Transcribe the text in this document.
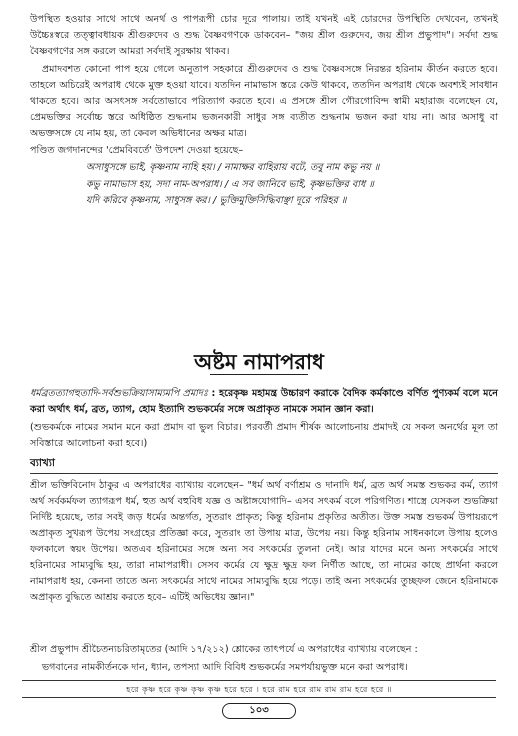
উপস্থিত হওয়ার সাথে সাথে অনর্থ ও পাপরূপী চোর দূরে পালায়। তাই যখনই এই চোরদের উপস্থিতি দেখবেন, তখনই উচ্চৈঃস্বরে তত্ত্বাবধায়ক শ্রীগুরুদেব ও শুদ্ধ বৈষ্ণবগণকে ডাকবেন– "জয় শ্রীল গুরুদেব, জয় শ্রীল প্রভুপাদ"। সর্বদা শুদ্ধ বৈষ্ণবগণের সঙ্গ করলে আমরা সর্বদাই সুরক্ষায় থাকব।

প্রমাদবশত কোনো পাপ হয়ে গেলে অনুতাপ সহকারে শ্রীগুরুদেব ও শুদ্ধ বৈষ্ণবসঙ্গে নিরন্তর হরিনাম কীর্তন করতে হবে। তাহলে অচিরেই অপরাধ থেকে মুক্ত হওয়া যাবে। যতদিন নামাভাস স্তরে কেউ থাকবে, ততদিন অপরাধ থেকে অবশ্যই সাবধান থাকতে হবে। আর অসৎসঙ্গ সর্বতোভাবে পরিত্যাগ করতে হবে। এ প্রসঙ্গে শ্রীল গৌরগোবিন্দ স্বামী মহারাজ বলেছেন যে, প্রেমভক্তির সর্বোচ্চ স্তরে অধিষ্ঠিত শুদ্ধনাম ভজনকারী সাধুর সঙ্গ ব্যতীত শুদ্ধনাম ভজন করা যায় না। আর অসাধু বা অভক্তসঙ্গে যে নাম হয়, তা কেবল অভিধানের অক্ষর মাত্র।

পণ্ডিত জগদানন্দের 'প্রেমবিবর্তে' উপদেশ দেওয়া হয়েছে–

অসাধুসঙ্গে ভাই, কৃষ্ণনাম নাহি হয়। / নামাক্ষর বাহিরায় বটে, তবু নাম কভু নয় ॥
কভু নামাভাস হয়, সদা নাম-অপরাধ। / এ সব জানিবে ভাই, কৃষ্ণভক্তির বাধ ॥
যদি করিবে কৃষ্ণনাম, সাধুসঙ্গ কর। / ভুক্তিমুক্তিসিদ্ধিবাঞ্ছা দূরে পরিহর ॥
অষ্টম নামাপরাধ

ধর্মব্রতত্যাগহুতাদি-সর্বশুভক্রিয়াসাম্যমপি প্রমাদঃ : হরেকৃষ্ণ মহামন্ত্র উচ্চারণ করাকে বৈদিক কর্মকাণ্ডে বর্ণিত পুণ্যকর্ম বলে মনে করা অর্থাৎ ধর্ম, ব্রত, ত্যাগ, হোম ইত্যাদি শুভকর্মের সঙ্গে অপ্রাকৃত নামকে সমান জ্ঞান করা।

(শুভকর্মকে নামের সমান মনে করা প্রমাদ বা ভুল বিচার। পরবর্তী প্রমাদ শীর্ষক আলোচনায় প্রমাদই যে সকল অনর্থের মূল তা সবিস্তারে আলোচনা করা হবে।)

ব্যাখ্যা

শ্রীল ভক্তিবিনোদ ঠাকুর এ অপরাধের ব্যাখ্যায় বলেছেন– "ধর্ম অর্থ বর্ণাশ্রম ও দানাদি ধর্ম, ব্রত অর্থ সমস্ত শুভকর কর্ম, ত্যাগ অর্থ সর্বকর্মফল ত্যাগরূপ ধর্ম, হুত অর্থ বহুবিধ যজ্ঞ ও অষ্টাঙ্গযোগাদি– এসব সৎকর্ম বলে পরিগণিত। শাস্ত্রে যেসকল শুভক্রিয়া নির্দিষ্ট হয়েছে, তার সবই জড় ধর্মের অন্তর্গত, সুতরাং প্রাকৃত; কিন্তু হরিনাম প্রকৃতির অতীত। উক্ত সমস্ত শুভকর্ম উপায়রূপে অপ্রাকৃত সুখরূপ উপেয় সংগ্রহের প্রতিজ্ঞা করে, সুতরাং তা উপায় মাত্র, উপেয় নয়। কিন্তু হরিনাম সাধনকালে উপায় হলেও ফলকালে স্বয়ং উপেয়। অতএব হরিনামের সঙ্গে অন্য সব সৎকর্মের তুলনা নেই। আর যাদের মনে অন্য সৎকর্মের সাথে হরিনামের সাম্যবুদ্ধি হয়, তারা নামাপরাধী। সেসব কর্মের যে ক্ষুদ্র ক্ষুদ্র ফল নির্ণীত আছে, তা নামের কাছে প্রার্থনা করলে নামাপরাধ হয়, কেননা তাতে অন্য সৎকর্মের সাথে নামের সাম্যবুদ্ধি হয়ে পড়ে। তাই অন্য সৎকর্মের তুচ্ছফল জেনে হরিনামকে অপ্রাকৃত বুদ্ধিতে আশ্রয় করতে হবে– এটিই অভিধেয় জ্ঞান।"

শ্রীল প্রভুপাদ শ্রীচৈতন্যচরিতামৃতের (আদি ১৭/২১২) শ্লোকের তাৎপর্যে এ অপরাধের ব্যাখ্যায় বলেছেন :

ভগবানের নামকীর্তনকে দান, ধ্যান, তপস্যা আদি বিবিধ শুভকর্মের সমপর্যায়ভুক্ত মনে করা অপরাধ।

হরে কৃষ্ণ হরে কৃষ্ণ কৃষ্ণ কৃষ্ণ হরে হরে । হরে রাম হরে রাম রাম রাম হরে হরে ॥
১০৩
